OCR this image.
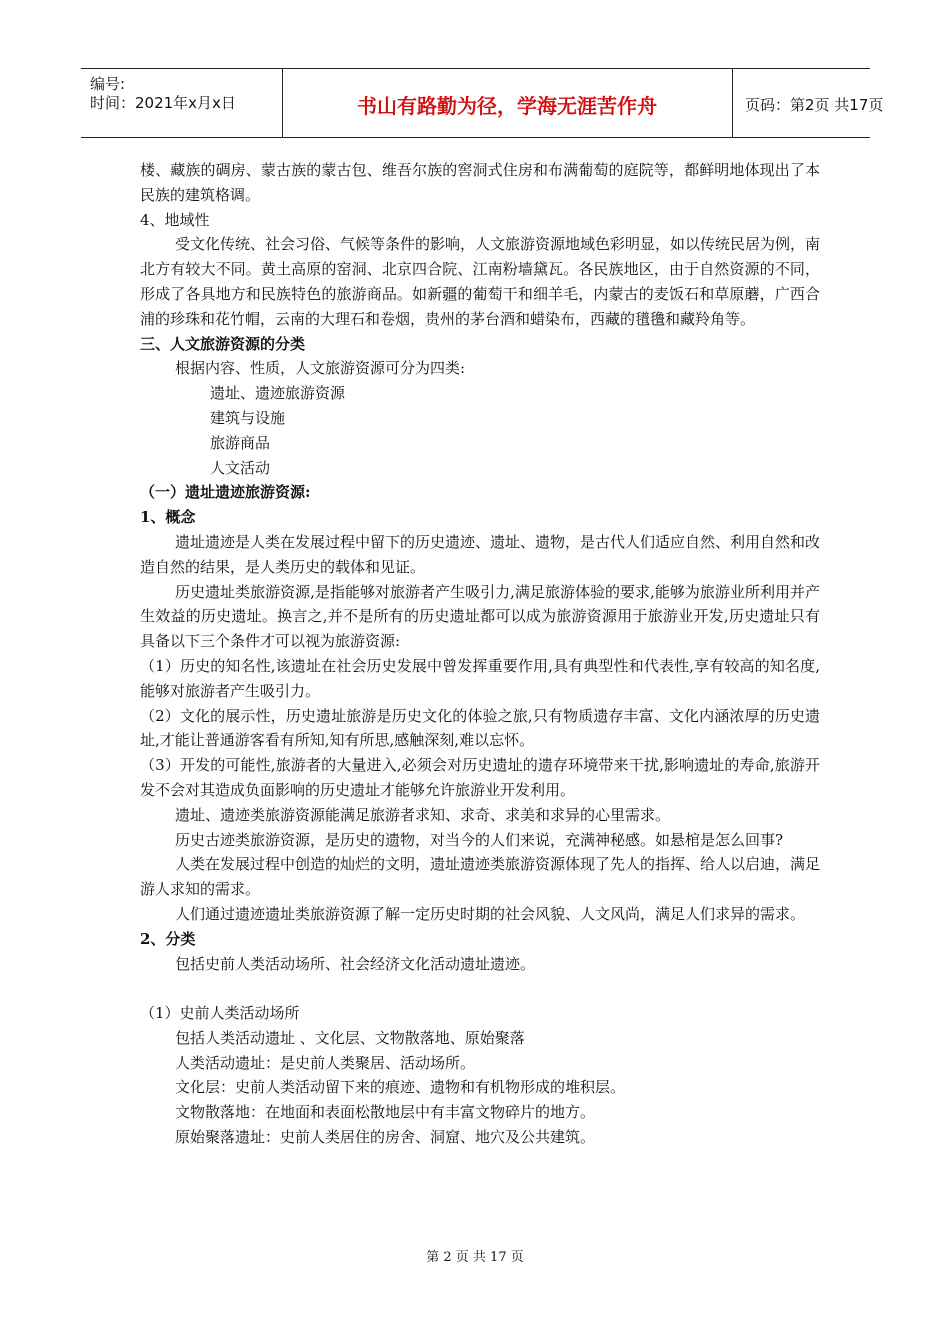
编号:
时间：2021年x月x日	书山有路勤为径，学海无涯苦作舟	页码：第2页 共17页

楼、藏族的碉房、蒙古族的蒙古包、维吾尔族的窖洞式住房和布满葡萄的庭院等，都鲜明地体现出了本民族的建筑格调。

4、地域性

受文化传统、社会习俗、气候等条件的影响，人文旅游资源地域色彩明显，如以传统民居为例，南北方有较大不同。黄土高原的窑洞、北京四合院、江南粉墙黛瓦。各民族地区，由于自然资源的不同，形成了各具地方和民族特色的旅游商品。如新疆的葡萄干和细羊毛，内蒙古的麦饭石和草原蘑，广西合浦的珍珠和花竹帽，云南的大理石和卷烟，贵州的茅台酒和蜡染布，西藏的氆氇和藏羚角等。

三、人文旅游资源的分类

根据内容、性质，人文旅游资源可分为四类:

遗址、遗迹旅游资源

建筑与设施

旅游商品

人文活动

（一）遗址遗迹旅游资源:

1、概念

遗址遗迹是人类在发展过程中留下的历史遗迹、遗址、遗物，是古代人们适应自然、利用自然和改造自然的结果，是人类历史的载体和见证。

历史遗址类旅游资源,是指能够对旅游者产生吸引力,满足旅游体验的要求,能够为旅游业所利用并产生效益的历史遗址。换言之,并不是所有的历史遗址都可以成为旅游资源用于旅游业开发,历史遗址只有具备以下三个条件才可以视为旅游资源:

（1）历史的知名性,该遗址在社会历史发展中曾发挥重要作用,具有典型性和代表性,享有较高的知名度,能够对旅游者产生吸引力。

（2）文化的展示性，历史遗址旅游是历史文化的体验之旅,只有物质遗存丰富、文化内涵浓厚的历史遗址,才能让普通游客看有所知,知有所思,感触深刻,难以忘怀。

（3）开发的可能性,旅游者的大量进入,必须会对历史遗址的遗存环境带来干扰,影响遗址的寿命,旅游开发不会对其造成负面影响的历史遗址才能够允许旅游业开发利用。

遗址、遗迹类旅游资源能满足旅游者求知、求奇、求美和求异的心里需求。

历史古迹类旅游资源，是历史的遗物，对当今的人们来说，充满神秘感。如悬棺是怎么回事?

人类在发展过程中创造的灿烂的文明，遗址遗迹类旅游资源体现了先人的指挥、给人以启迪，满足游人求知的需求。

人们通过遗迹遗址类旅游资源了解一定历史时期的社会风貌、人文风尚，满足人们求异的需求。

2、分类

包括史前人类活动场所、社会经济文化活动遗址遗迹。

（1）史前人类活动场所

包括人类活动遗址 、文化层、文物散落地、原始聚落

人类活动遗址：是史前人类聚居、活动场所。

文化层：史前人类活动留下来的痕迹、遗物和有机物形成的堆积层。

文物散落地：在地面和表面松散地层中有丰富文物碎片的地方。

原始聚落遗址：史前人类居住的房舍、洞窟、地穴及公共建筑。

第 2 页 共 17 页
